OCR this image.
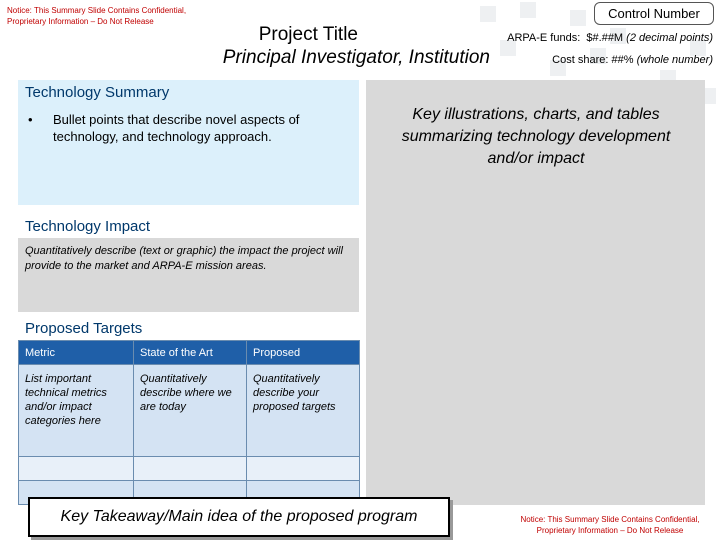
Notice: This Summary Slide Contains Confidential,
Proprietary Information – Do Not Release
Control Number
Project Title
Principal Investigator, Institution
ARPA-E funds: $#.##M (2 decimal points)
Cost share: ##% (whole number)
Key illustrations, charts, and tables summarizing technology development and/or impact
Technology Summary
• Bullet points that describe novel aspects of technology, and technology approach.
Technology Impact
Quantitatively describe (text or graphic) the impact the project will provide to the market and ARPA-E mission areas.
Proposed Targets
Metric	State of the Art	Proposed
List important technical metrics and/or impact categories here	Quantitatively describe where we are today	Quantitatively describe your proposed targets

Key Takeaway/Main idea of the proposed program	Notice: This Summary Slide Contains Confidential,
Proprietary Information – Do Not Release
